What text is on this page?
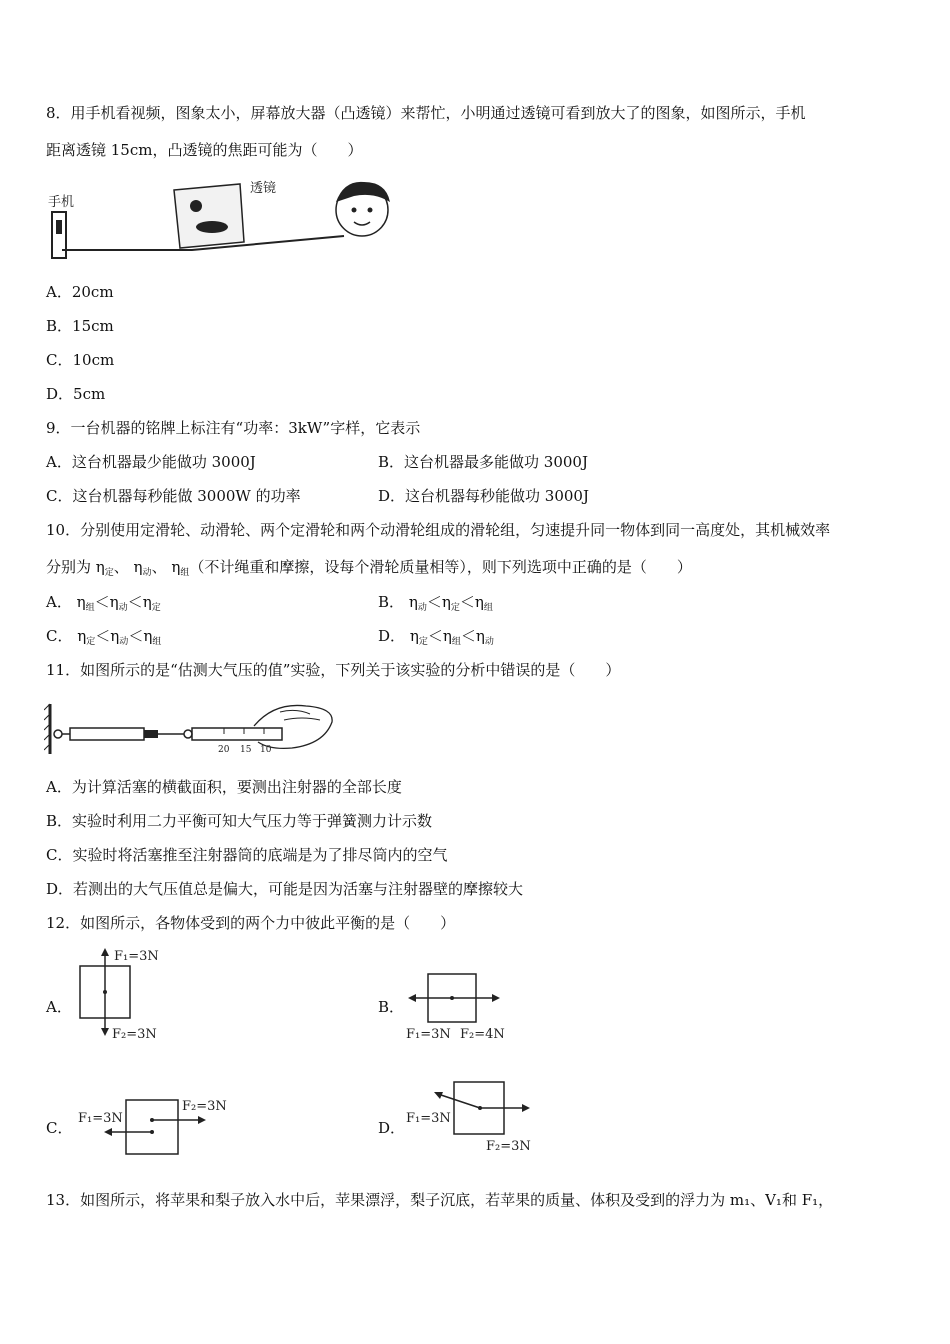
8．用手机看视频，图象太小，屏幕放大器（凸透镜）来帮忙，小明通过透镜可看到放大了的图象，如图所示，手机
距离透镜 15cm，凸透镜的焦距可能为（　　）
手机
透镜
A．20cm
B．15cm
C．10cm
D．5cm
9．一台机器的铭牌上标注有“功率：3kW”字样，它表示
A．这台机器最少能做功 3000J	B．这台机器最多能做功 3000J
C．这台机器每秒能做 3000W 的功率	D．这台机器每秒能做功 3000J
10．分别使用定滑轮、动滑轮、两个定滑轮和两个动滑轮组成的滑轮组，匀速提升同一物体到同一高度处，其机械效率
分别为 $\eta_定$、 $\eta_动$、 $\eta_组$（不计绳重和摩擦，设每个滑轮质量相等），则下列选项中正确的是（　　）
A． $\eta_组<\eta_动<\eta_定$	B． $\eta_动<\eta_定<\eta_组$
C． $\eta_定<\eta_动<\eta_组$	D． $\eta_定<\eta_组<\eta_动$
11．如图所示的是“估测大气压的值”实验，下列关于该实验的分析中错误的是（　　）
20 15 10
A．为计算活塞的横截面积，要测出注射器的全部长度
B．实验时利用二力平衡可知大气压力等于弹簧测力计示数
C．实验时将活塞推至注射器筒的底端是为了排尽筒内的空气
D．若测出的大气压值总是偏大，可能是因为活塞与注射器壁的摩擦较大
12．如图所示，各物体受到的两个力中彼此平衡的是（　　）
A．
F₁=3N
F₂=3N
B．
F₁=3N F₂=4N
C．
F₁=3N
F₂=3N
D．
F₁=3N
F₂=3N
13．如图所示，将苹果和梨子放入水中后，苹果漂浮，梨子沉底，若苹果的质量、体积及受到的浮力为 m₁、V₁和 F₁，
